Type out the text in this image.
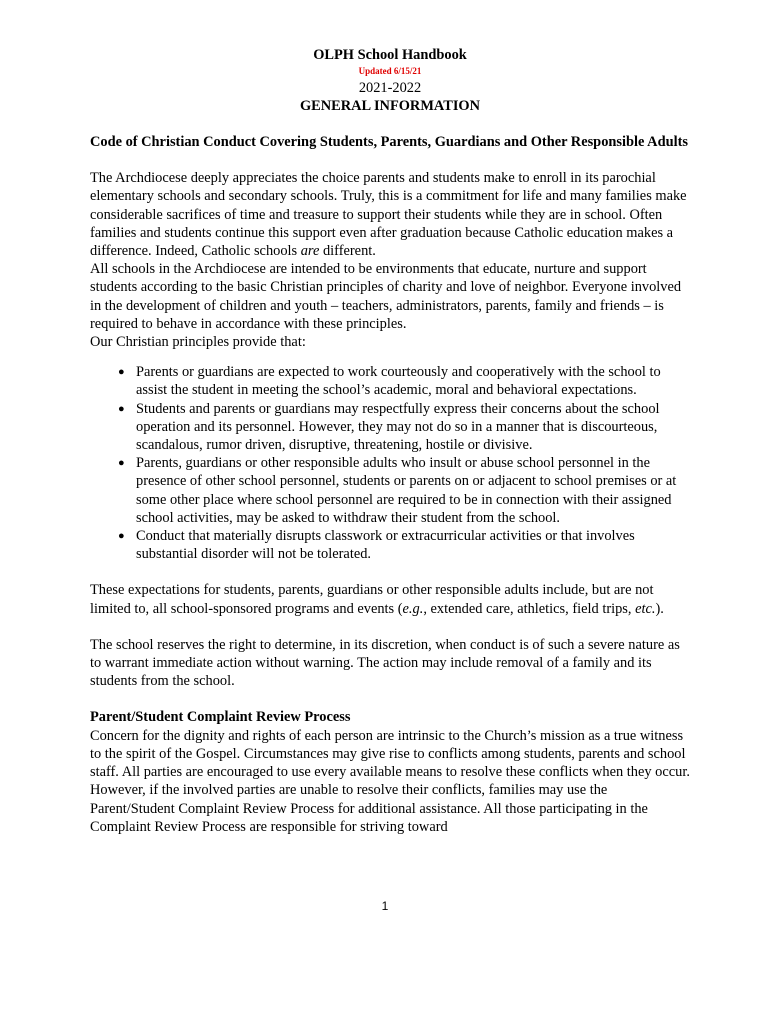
OLPH School Handbook
Updated 6/15/21
2021-2022
GENERAL INFORMATION

Code of Christian Conduct Covering Students, Parents, Guardians and Other Responsible Adults

The Archdiocese deeply appreciates the choice parents and students make to enroll in its parochial elementary schools and secondary schools. Truly, this is a commitment for life and many families make considerable sacrifices of time and treasure to support their students while they are in school. Often families and students continue this support even after graduation because Catholic education makes a difference. Indeed, Catholic schools are different.

All schools in the Archdiocese are intended to be environments that educate, nurture and support students according to the basic Christian principles of charity and love of neighbor. Everyone involved in the development of children and youth – teachers, administrators, parents, family and friends – is required to behave in accordance with these principles.

Our Christian principles provide that:

● Parents or guardians are expected to work courteously and cooperatively with the school to assist the student in meeting the school’s academic, moral and behavioral expectations.
● Students and parents or guardians may respectfully express their concerns about the school operation and its personnel. However, they may not do so in a manner that is discourteous, scandalous, rumor driven, disruptive, threatening, hostile or divisive.
● Parents, guardians or other responsible adults who insult or abuse school personnel in the presence of other school personnel, students or parents on or adjacent to school premises or at some other place where school personnel are required to be in connection with their assigned school activities, may be asked to withdraw their student from the school.
● Conduct that materially disrupts classwork or extracurricular activities or that involves substantial disorder will not be tolerated.

These expectations for students, parents, guardians or other responsible adults include, but are not limited to, all school-sponsored programs and events (e.g., extended care, athletics, field trips, etc.).

The school reserves the right to determine, in its discretion, when conduct is of such a severe nature as to warrant immediate action without warning. The action may include removal of a family and its students from the school.

Parent/Student Complaint Review Process

Concern for the dignity and rights of each person are intrinsic to the Church’s mission as a true witness to the spirit of the Gospel. Circumstances may give rise to conflicts among students, parents and school staff. All parties are encouraged to use every available means to resolve these conflicts when they occur. However, if the involved parties are unable to resolve their conflicts, families may use the Parent/Student Complaint Review Process for additional assistance. All those participating in the Complaint Review Process are responsible for striving toward

1
